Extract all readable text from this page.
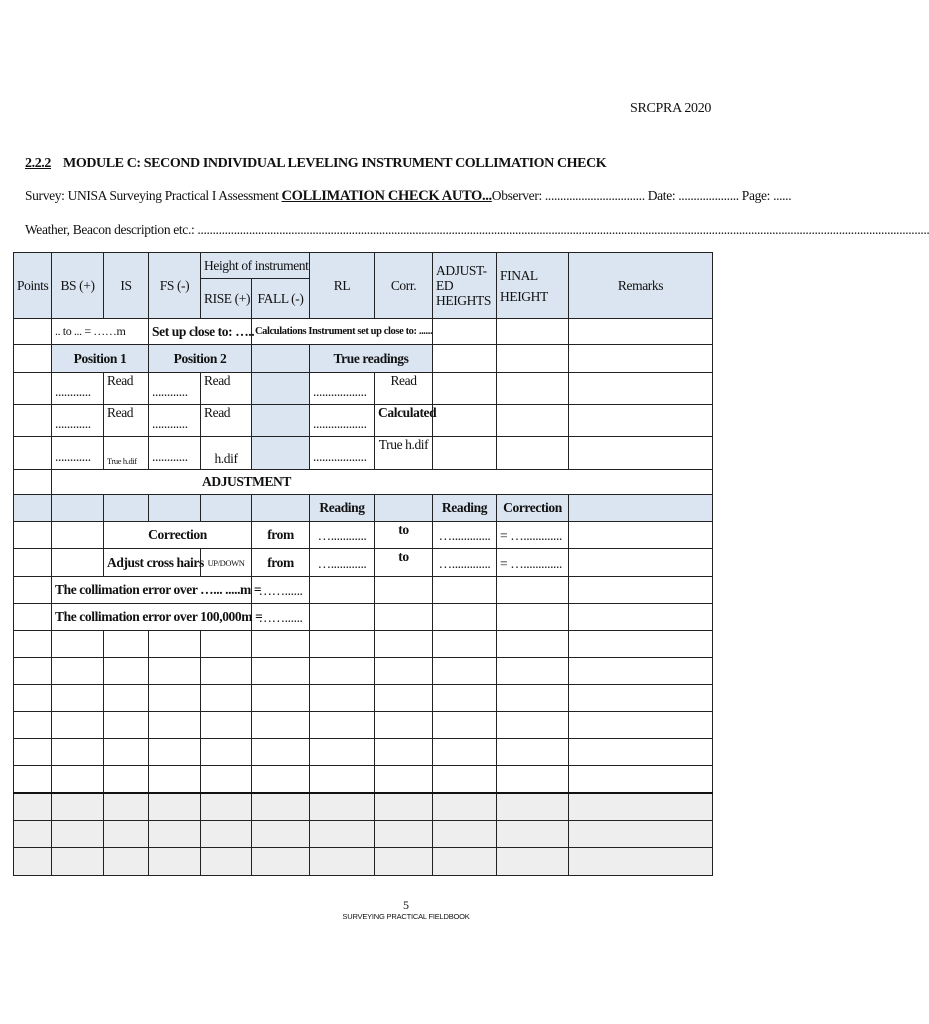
SRCPRA 2020
2.2.2 MODULE C: SECOND INDIVIDUAL LEVELING INSTRUMENT COLLIMATION CHECK
Survey: UNISA Surveying Practical I Assessment COLLIMATION CHECK AUTO...Observer: ................................. Date: .................... Page: ......
Weather, Beacon description etc.: ..................................................................................................................................................................................................................................................
Points	BS (+)	IS	FS (-)	Height of instrument		RL	Corr.	ADJUST-
ED
HEIGHTS	FINAL
HEIGHT	Remarks
				RISE (+)	FALL (-)					
	.. to ... = ……m		Set up close to: …..		Calculations Instrument set up close to: ......					
	Position 1		Position 2			True readings				
	............	Read	............	Read		..................	Read			
	............	Read	............	Read		..................	Calculated			
	............	True h.dif	............	h.dif		..................	True h.dif			
	ADJUSTMENT									
						Reading		Reading	Correction	
		Correction			from	…............	to	….............	= ….............	
		Adjust cross hairs		UP/DOWN	from	…............	to	….............	= ….............	
	The collimation error over …... .....m =				……......					
	The collimation error over 100,000m =				……......					

5
SURVEYING PRACTICAL FIELDBOOK
